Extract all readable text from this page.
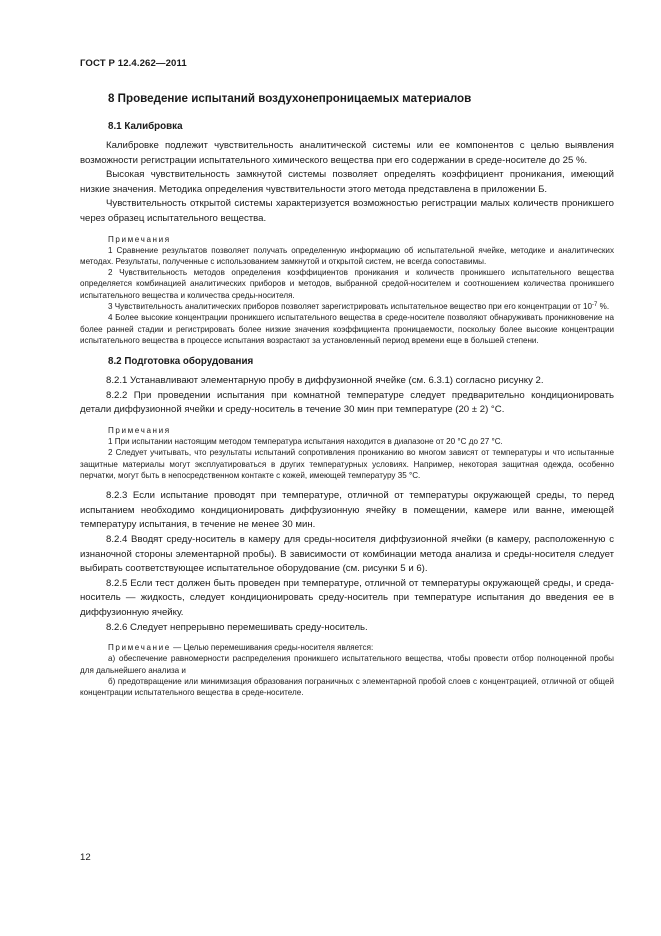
ГОСТ Р 12.4.262—2011
8 Проведение испытаний воздухонепроницаемых материалов
8.1 Калибровка

Калибровке подлежит чувствительность аналитической системы или ее компонентов с целью выявления возможности регистрации испытательного химического вещества при его содержании в средe-носителе до 25 %.

Высокая чувствительность замкнутой системы позволяет определять коэффициент проникания, имеющий низкие значения. Методика определения чувствительности этого метода представлена в приложении Б.

Чувствительность открытой системы характеризуется возможностью регистрации малых количеств проникшего через образец испытательного вещества.

Примечания

1 Сравнение результатов позволяет получать определенную информацию об испытательной ячейке, методике и аналитических методах. Результаты, полученные с использованием замкнутой и открытой систем, не всегда сопоставимы.

2 Чувствительность методов определения коэффициентов проникания и количеств проникшего испытательного вещества определяется комбинацией аналитических приборов и методов, выбранной средой-носителем и соотношением количества проникшего испытательного вещества и количества среды-носителя.

3 Чувствительность аналитических приборов позволяет зарегистрировать испытательное вещество при его концентрации от $10^{-7}$ %.

4 Более высокие концентрации проникшего испытательного вещества в среде-носителе позволяют обнаруживать проникновение на более ранней стадии и регистрировать более низкие значения коэффициента проницаемости, поскольку более высокие концентрации испытательного вещества в процессе испытания возрастают за установленный период времени еще в большей степени.

8.2 Подготовка оборудования

8.2.1 Устанавливают элементарную пробу в диффузионной ячейке (см. 6.3.1) согласно рисунку 2.

8.2.2 При проведении испытания при комнатной температуре следует предварительно кондиционировать детали диффузионной ячейки и среду-носитель в течение 30 мин при температуре (20 ± 2) °С.

Примечания

1 При испытании настоящим методом температура испытания находится в диапазоне от 20 °С до 27 °С.

2 Следует учитывать, что результаты испытаний сопротивления прониканию во многом зависят от температуры и что испытанные защитные материалы могут эксплуатироваться в других температурных условиях. Например, некоторая защитная одежда, особенно перчатки, могут быть в непосредственном контакте с кожей, имеющей температуру 35 °С.

8.2.3 Если испытание проводят при температуре, отличной от температуры окружающей среды, то перед испытанием необходимо кондиционировать диффузионную ячейку в помещении, камере или ванне, имеющей температуру испытания, в течение не менее 30 мин.

8.2.4 Вводят среду-носитель в камеру для среды-носителя диффузионной ячейки (в камеру, расположенную с изнаночной стороны элементарной пробы). В зависимости от комбинации метода анализа и среды-носителя следует выбирать соответствующее испытательное оборудование (см. рисунки 5 и 6).

8.2.5 Если тест должен быть проведен при температуре, отличной от температуры окружающей среды, и среда-носитель — жидкость, следует кондиционировать среду-носитель при температуре испытания до введения ее в диффузионную ячейку.

8.2.6 Следует непрерывно перемешивать среду-носитель.

Примечание — Целью перемешивания среды-носителя является:

а) обеспечение равномерности распределения проникшего испытательного вещества, чтобы провести отбор полноценной пробы для дальнейшего анализа и

б) предотвращение или минимизация образования пограничных с элементарной пробой слоев с концентрацией, отличной от общей концентрации испытательного вещества в среде-носителе.

12
